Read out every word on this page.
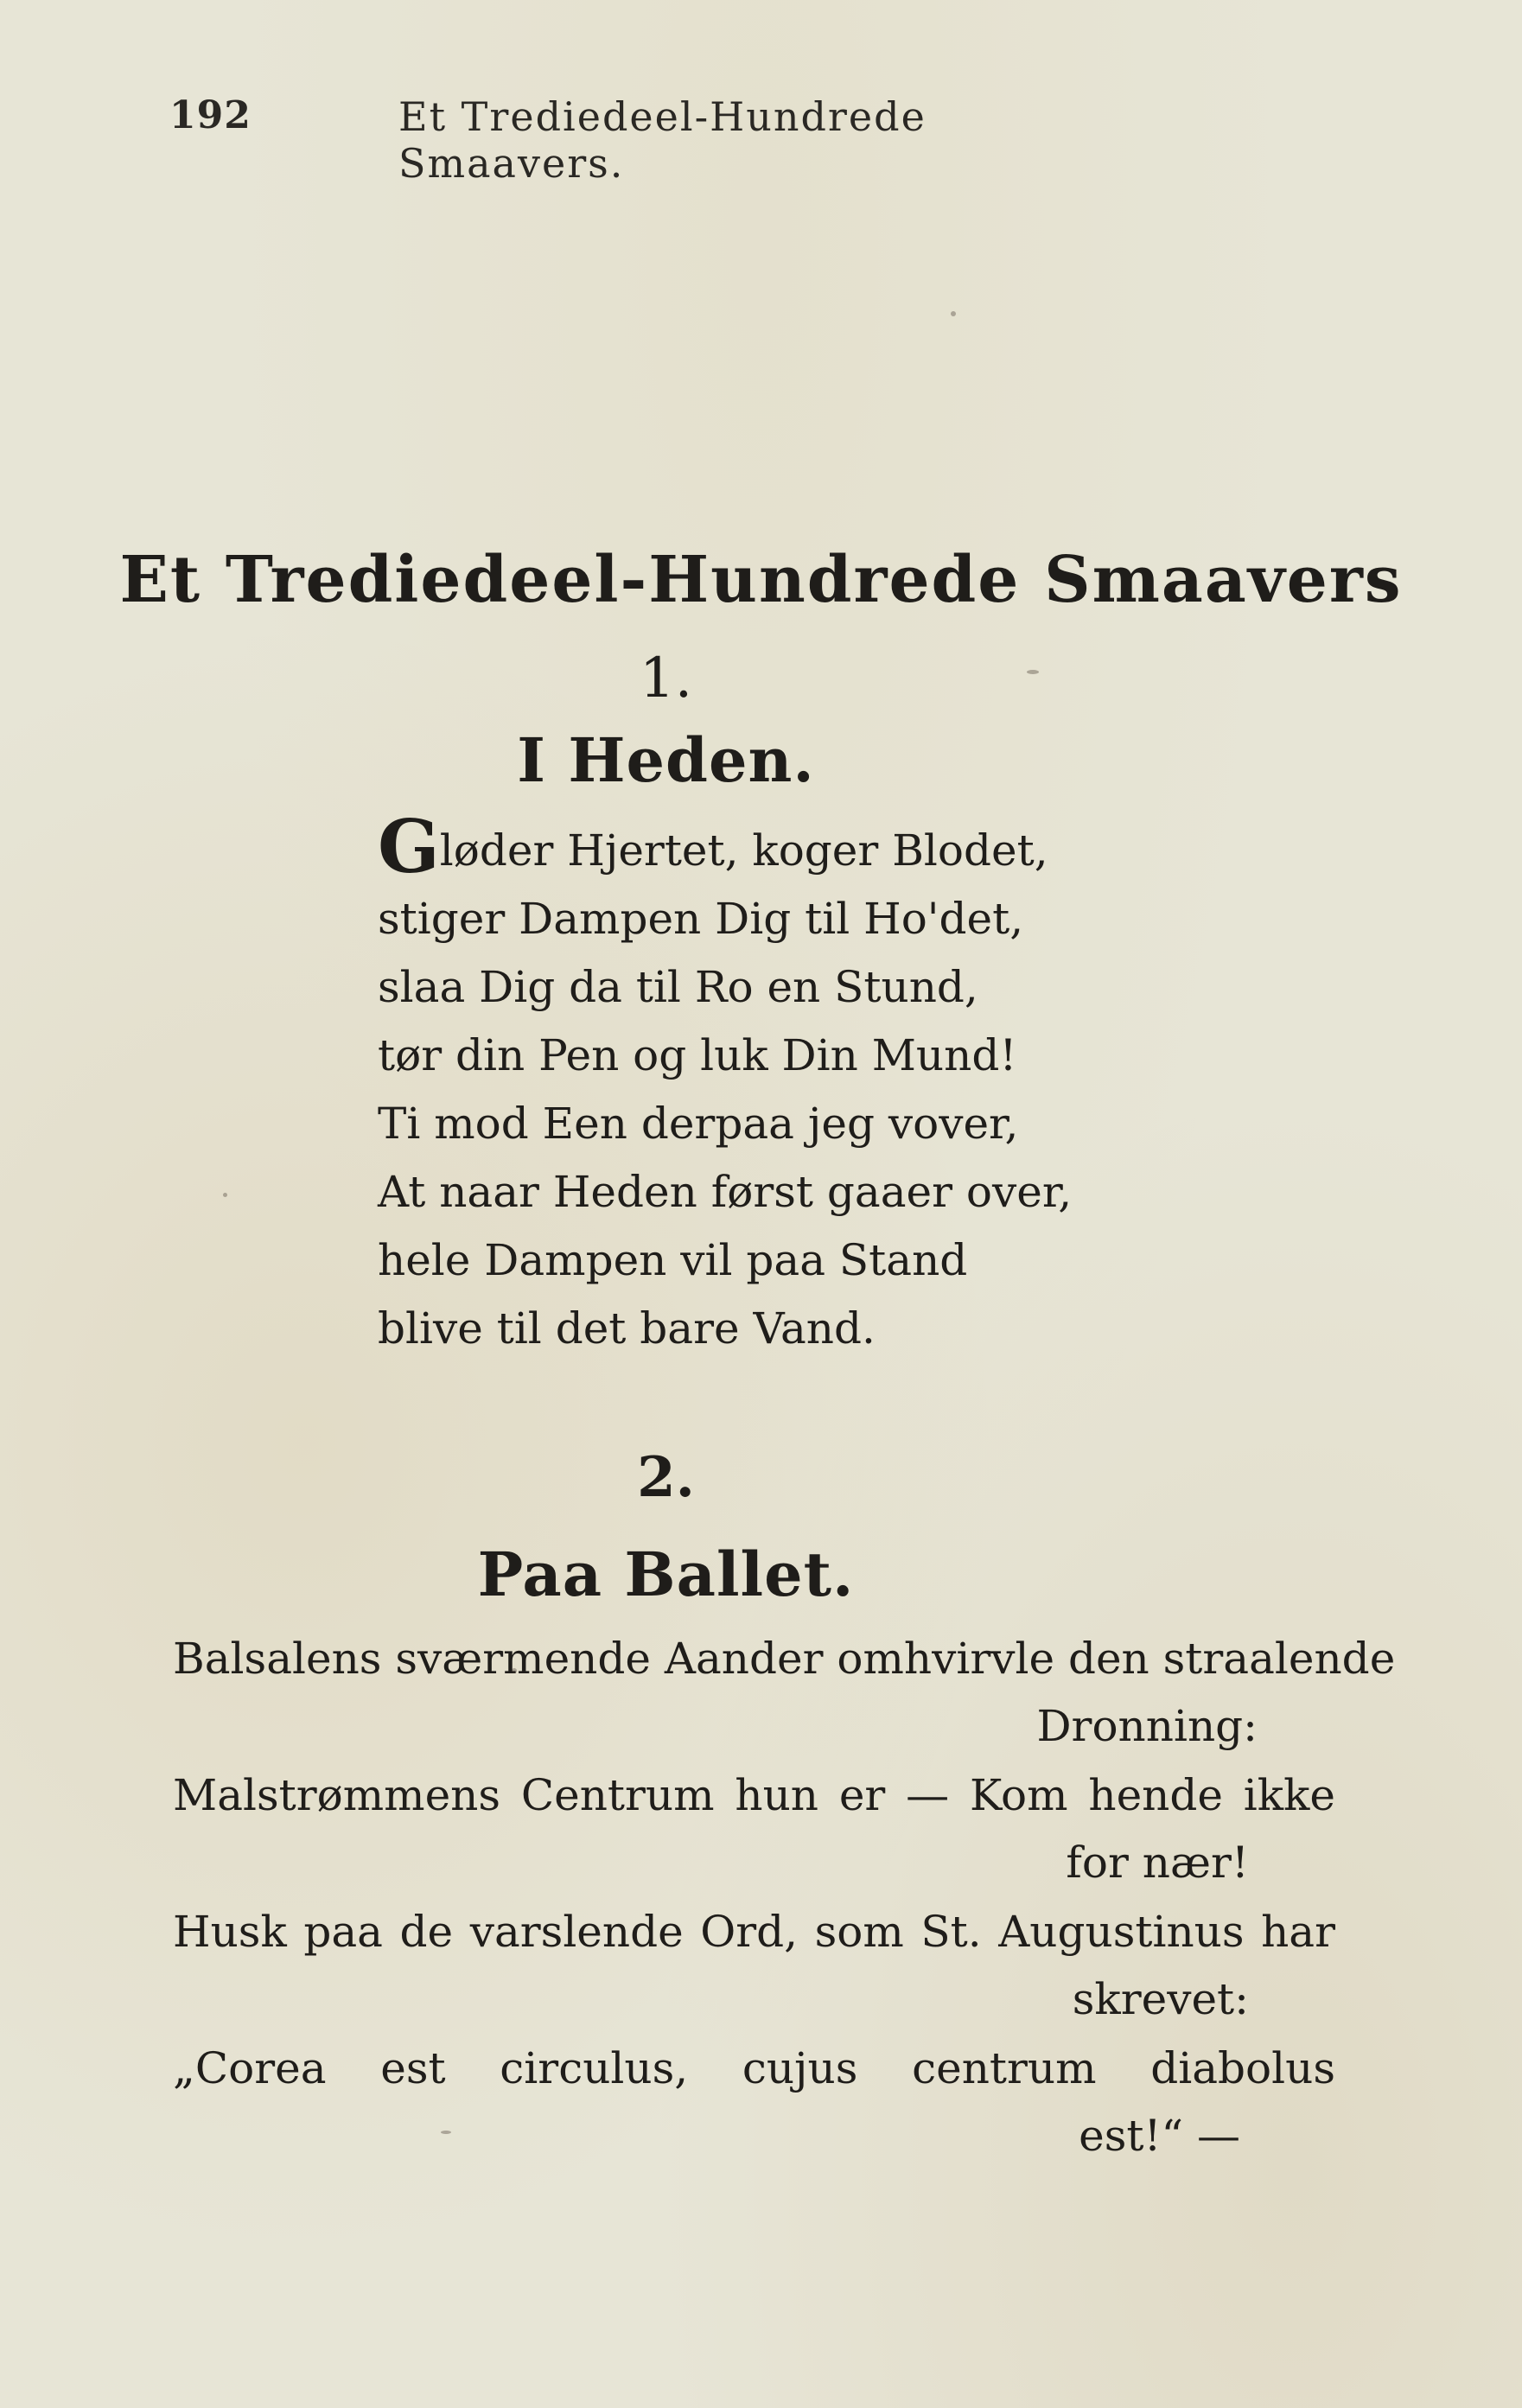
192	Et Trediedeel-Hundrede Smaavers.
Et Trediedeel-Hundrede Smaavers
1.
I Heden.
Gløder Hjertet, koger Blodet,
stiger Dampen Dig til Ho'det,
slaa Dig da til Ro en Stund,
tør din Pen og luk Din Mund!
Ti mod Een derpaa jeg vover,
At naar Heden først gaaer over,
hele Dampen vil paa Stand
blive til det bare Vand.
2.
Paa Ballet.
Balsalens sværmende Aander omhvirvle den straalende
Dronning:
Malstrømmens Centrum hun er — Kom hende ikke
for nær!
Husk paa de varslende Ord, som St. Augustinus har
skrevet:
„Corea est circulus, cujus centrum diabolus
est!“ —
